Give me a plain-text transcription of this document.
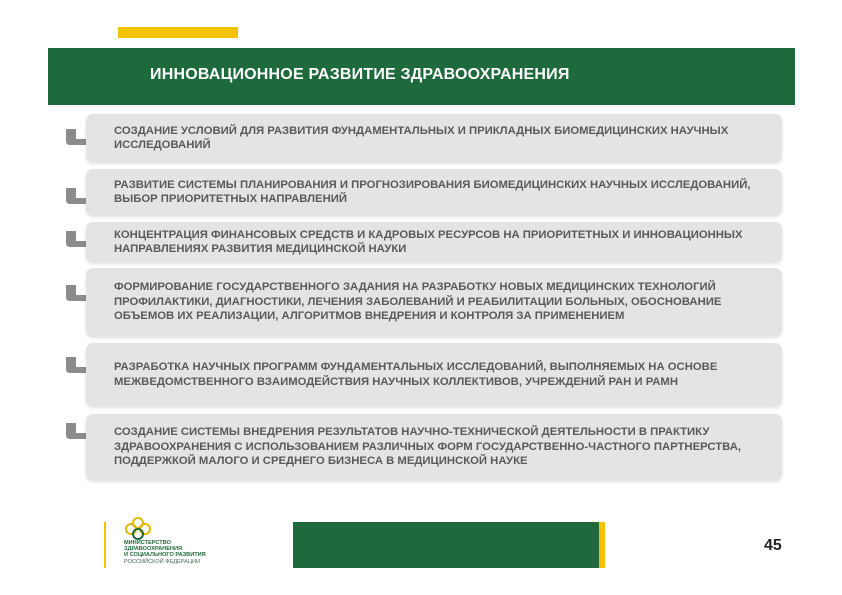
ИННОВАЦИОННОЕ РАЗВИТИЕ ЗДРАВООХРАНЕНИЯ
СОЗДАНИЕ УСЛОВИЙ ДЛЯ РАЗВИТИЯ ФУНДАМЕНТАЛЬНЫХ И ПРИКЛАДНЫХ БИОМЕДИЦИНСКИХ НАУЧНЫХ ИССЛЕДОВАНИЙ
РАЗВИТИЕ СИСТЕМЫ ПЛАНИРОВАНИЯ И ПРОГНОЗИРОВАНИЯ БИОМЕДИЦИНСКИХ НАУЧНЫХ ИССЛЕДОВАНИЙ, ВЫБОР ПРИОРИТЕТНЫХ НАПРАВЛЕНИЙ
КОНЦЕНТРАЦИЯ ФИНАНСОВЫХ СРЕДСТВ И КАДРОВЫХ РЕСУРСОВ НА ПРИОРИТЕТНЫХ И ИННОВАЦИОННЫХ НАПРАВЛЕНИЯХ РАЗВИТИЯ МЕДИЦИНСКОЙ НАУКИ
ФОРМИРОВАНИЕ ГОСУДАРСТВЕННОГО ЗАДАНИЯ НА РАЗРАБОТКУ НОВЫХ МЕДИЦИНСКИХ ТЕХНОЛОГИЙ ПРОФИЛАКТИКИ, ДИАГНОСТИКИ, ЛЕЧЕНИЯ ЗАБОЛЕВАНИЙ И РЕАБИЛИТАЦИИ БОЛЬНЫХ, ОБОСНОВАНИЕ ОБЪЕМОВ ИХ РЕАЛИЗАЦИИ, АЛГОРИТМОВ ВНЕДРЕНИЯ И КОНТРОЛЯ ЗА ПРИМЕНЕНИЕМ
РАЗРАБОТКА НАУЧНЫХ ПРОГРАММ ФУНДАМЕНТАЛЬНЫХ ИССЛЕДОВАНИЙ, ВЫПОЛНЯЕМЫХ НА ОСНОВЕ МЕЖВЕДОМСТВЕННОГО ВЗАИМОДЕЙСТВИЯ НАУЧНЫХ КОЛЛЕКТИВОВ, УЧРЕЖДЕНИЙ РАН И РАМН
СОЗДАНИЕ СИСТЕМЫ ВНЕДРЕНИЯ РЕЗУЛЬТАТОВ НАУЧНО-ТЕХНИЧЕСКОЙ ДЕЯТЕЛЬНОСТИ В ПРАКТИКУ ЗДРАВООХРАНЕНИЯ С ИСПОЛЬЗОВАНИЕМ РАЗЛИЧНЫХ ФОРМ ГОСУДАРСТВЕННО-ЧАСТНОГО ПАРТНЕРСТВА, ПОДДЕРЖКОЙ МАЛОГО И СРЕДНЕГО БИЗНЕСА В МЕДИЦИНСКОЙ НАУКЕ
МИНИСТЕРСТВО
ЗДРАВООХРАНЕНИЯ
И СОЦИАЛЬНОГО РАЗВИТИЯ
РОССИЙСКОЙ ФЕДЕРАЦИИ
45
